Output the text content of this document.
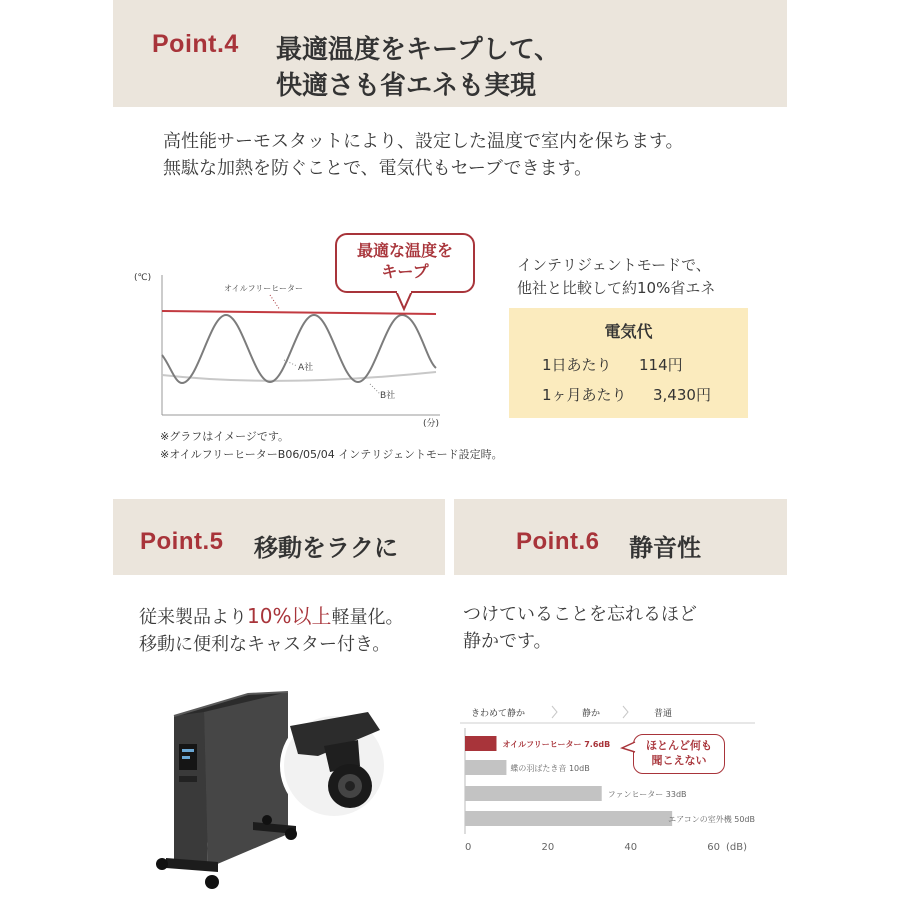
Point.4 最適温度をキープして、
快適さも省エネも実現
高性能サーモスタットにより、設定した温度で室内を保ちます。
無駄な加熱を防ぐことで、電気代もセーブできます。
(℃)
(分)
オイルフリーヒーター
A社
B社
最適な温度を
キープ
※グラフはイメージです。
※オイルフリーヒーターB06/05/04 インテリジェントモード設定時。
インテリジェントモードで、
他社と比較して約10%省エネ
電気代
1日あたり 114円
1ヶ月あたり 3,430円
Point.5 移動をラクに
従来製品より10%以上軽量化。
移動に便利なキャスター付き。
Point.6 静音性
つけていることを忘れるほど
静かです。
きわめて静か	静か	普通
オイルフリーヒーター 7.6dB
蝶の羽ばたき音 10dB
ファンヒーター 33dB
エアコンの室外機 50dB
0	20	40	60 (dB)
ほとんど何も
聞こえない
